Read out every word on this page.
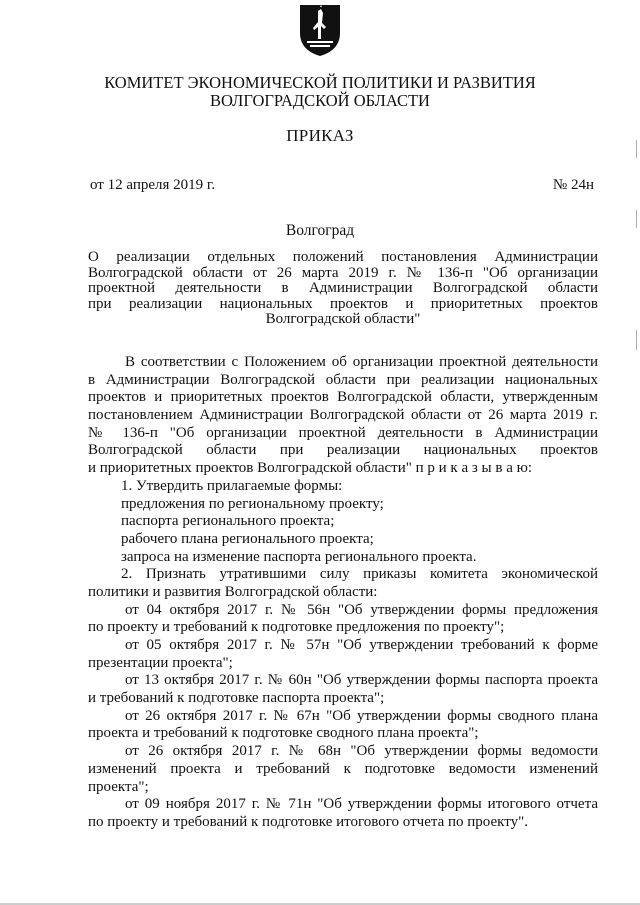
КОМИТЕТ ЭКОНОМИЧЕСКОЙ ПОЛИТИКИ И РАЗВИТИЯ
ВОЛГОГРАДСКОЙ ОБЛАСТИ
ПРИКАЗ
от 12 апреля 2019 г.	№ 24н
Волгоград
О реализации отдельных положений постановления Администрации
Волгоградской области от 26 марта 2019 г. № 136-п "Об организации
проектной деятельности в Администрации Волгоградской области
при реализации национальных проектов и приоритетных проектов
Волгоградской области"
В соответствии с Положением об организации проектной деятельности
в Администрации Волгоградской области при реализации национальных
проектов и приоритетных проектов Волгоградской области, утвержденным
постановлением Администрации Волгоградской области от 26 марта 2019 г.
№ 136-п "Об организации проектной деятельности в Администрации
Волгоградской области при реализации национальных проектов
и приоритетных проектов Волгоградской области" п р и к а з ы в а ю:
1. Утвердить прилагаемые формы:
предложения по региональному проекту;
паспорта регионального проекта;
рабочего плана регионального проекта;
запроса на изменение паспорта регионального проекта.
2. Признать утратившими силу приказы комитета экономической
политики и развития Волгоградской области:
от 04 октября 2017 г. № 56н "Об утверждении формы предложения
по проекту и требований к подготовке предложения по проекту";
от 05 октября 2017 г. № 57н "Об утверждении требований к форме
презентации проекта";
от 13 октября 2017 г. № 60н "Об утверждении формы паспорта проекта
и требований к подготовке паспорта проекта";
от 26 октября 2017 г. № 67н "Об утверждении формы сводного плана
проекта и требований к подготовке сводного плана проекта";
от 26 октября 2017 г. № 68н "Об утверждении формы ведомости
изменений проекта и требований к подготовке ведомости изменений
проекта";
от 09 ноября 2017 г. № 71н "Об утверждении формы итогового отчета
по проекту и требований к подготовке итогового отчета по проекту".
